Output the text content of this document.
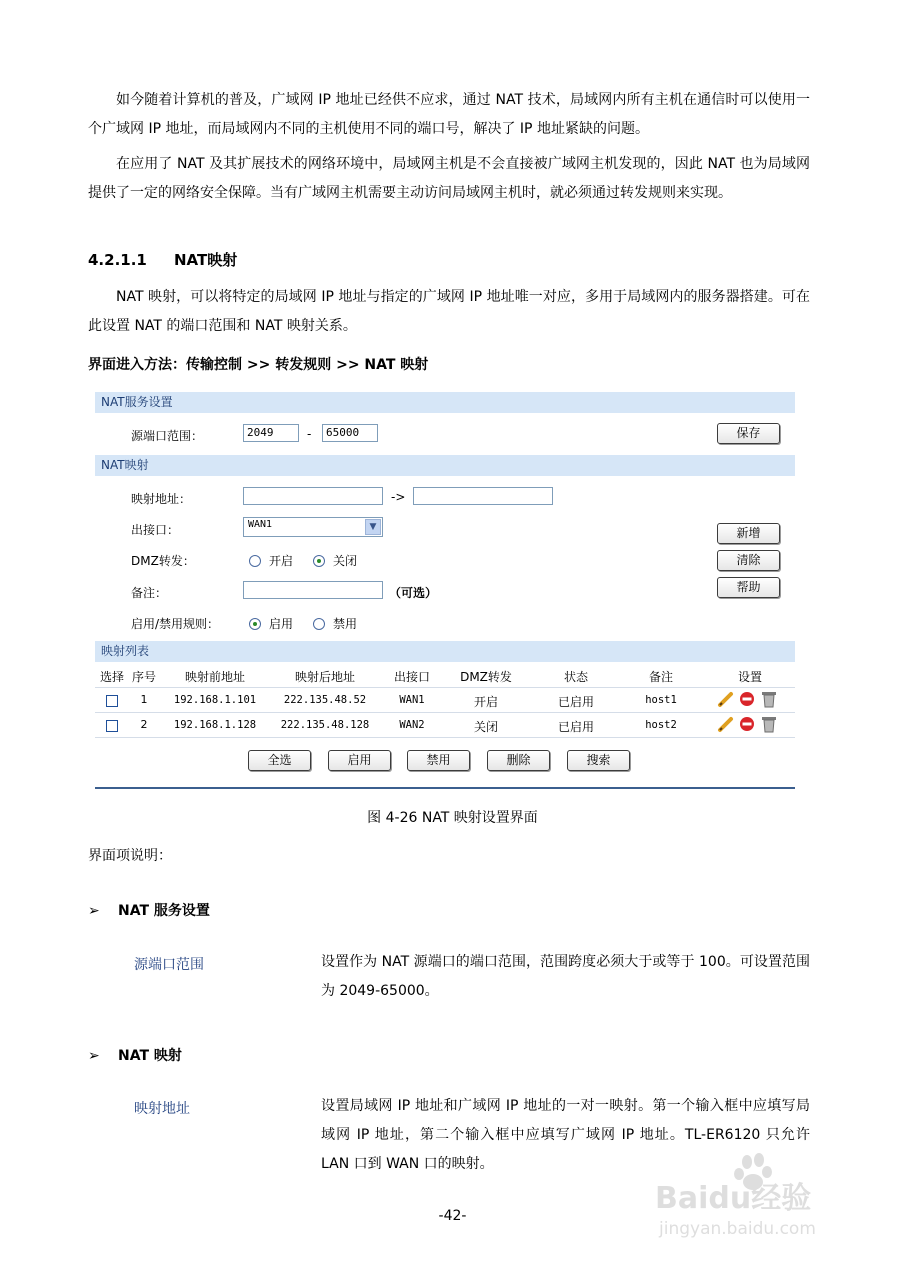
如今随着计算机的普及，广域网 IP 地址已经供不应求，通过 NAT 技术，局域网内所有主机在通信时可以使用一个广域网 IP 地址，而局域网内不同的主机使用不同的端口号，解决了 IP 地址紧缺的问题。

在应用了 NAT 及其扩展技术的网络环境中，局域网主机是不会直接被广域网主机发现的，因此 NAT 也为局域网提供了一定的网络安全保障。当有广域网主机需要主动访问局域网主机时，就必须通过转发规则来实现。

4.2.1.1 NAT映射

NAT 映射，可以将特定的局域网 IP 地址与指定的广域网 IP 地址唯一对应，多用于局域网内的服务器搭建。可在此设置 NAT 的端口范围和 NAT 映射关系。

界面进入方法：传输控制 >> 转发规则 >> NAT 映射
NAT服务设置
源端口范围：	2049	-	65000	保存
NAT映射
映射地址：	->
出接口：	WAN1	▼	新增
DMZ转发：	开启	关闭	清除
备注：	（可选）	帮助
启用/禁用规则：	启用	禁用
映射列表
选择 序号	映射前地址	映射后地址	出接口	DMZ转发	状态	备注	设置
1	192.168.1.101	222.135.48.52	WAN1	开启	已启用	host1
2	192.168.1.128	222.135.48.128	WAN2	关闭	已启用	host2
全选	启用	禁用	删除	搜索
图 4-26 NAT 映射设置界面
界面项说明：
➢ NAT 服务设置
源端口范围	设置作为 NAT 源端口的端口范围，范围跨度必须大于或等于 100。可设置范围为 2049-65000。
➢ NAT 映射
映射地址	设置局域网 IP 地址和广域网 IP 地址的一对一映射。第一个输入框中应填写局域网 IP 地址，第二个输入框中应填写广域网 IP 地址。TL-ER6120 只允许 LAN 口到 WAN 口的映射。
-42-	Baidu经验
jingyan.baidu.com
